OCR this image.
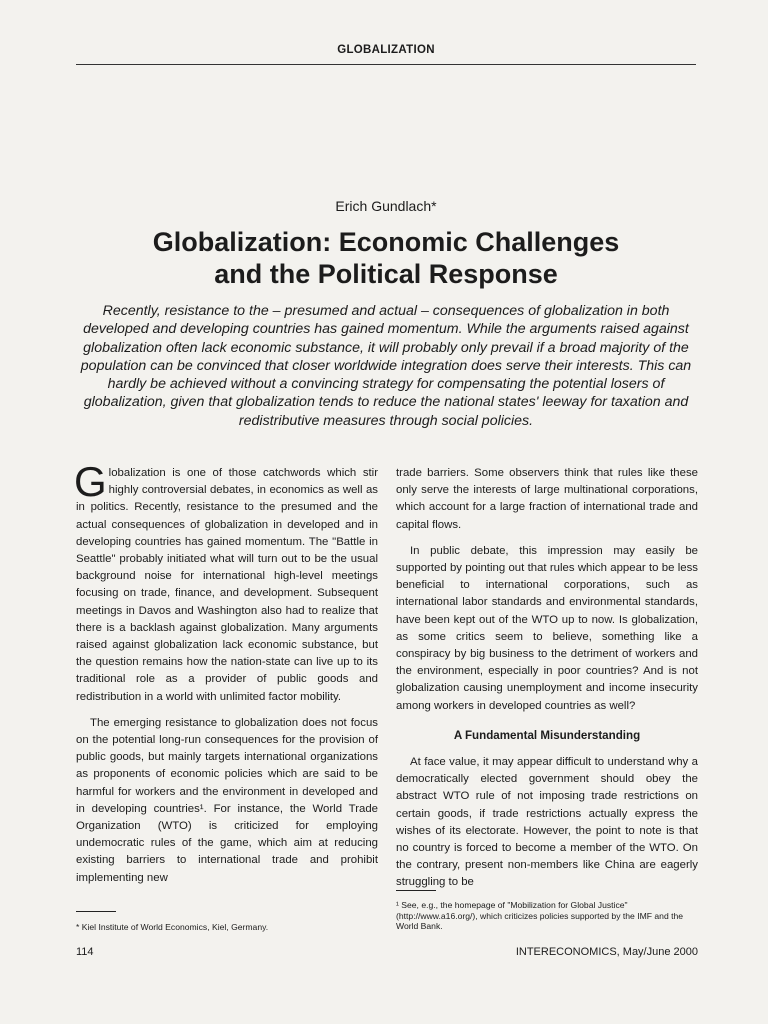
GLOBALIZATION
Erich Gundlach*
Globalization: Economic Challenges
and the Political Response

Recently, resistance to the – presumed and actual – consequences of globalization in both developed and developing countries has gained momentum. While the arguments raised against globalization often lack economic substance, it will probably only prevail if a broad majority of the population can be convinced that closer worldwide integration does serve their interests. This can hardly be achieved without a convincing strategy for compensating the potential losers of globalization, given that globalization tends to reduce the national states' leeway for taxation and redistributive measures through social policies.

Globalization is one of those catchwords which stir highly controversial debates, in economics as well as in politics. Recently, resistance to the presumed and the actual consequences of globalization in developed and in developing countries has gained momentum. The "Battle in Seattle" probably initiated what will turn out to be the usual background noise for international high-level meetings focusing on trade, finance, and development. Subsequent meetings in Davos and Washington also had to realize that there is a backlash against globalization. Many arguments raised against globalization lack economic substance, but the question remains how the nation-state can live up to its traditional role as a provider of public goods and redistribution in a world with unlimited factor mobility.

The emerging resistance to globalization does not focus on the potential long-run consequences for the provision of public goods, but mainly targets international organizations as proponents of economic policies which are said to be harmful for workers and the environment in developed and in developing countries¹. For instance, the World Trade Organization (WTO) is criticized for employing undemocratic rules of the game, which aim at reducing existing barriers to international trade and prohibit implementing new

trade barriers. Some observers think that rules like these only serve the interests of large multinational corporations, which account for a large fraction of international trade and capital flows.

In public debate, this impression may easily be supported by pointing out that rules which appear to be less beneficial to international corporations, such as international labor standards and environmental standards, have been kept out of the WTO up to now. Is globalization, as some critics seem to believe, something like a conspiracy by big business to the detriment of workers and the environment, especially in poor countries? And is not globalization causing unemployment and income insecurity among workers in developed countries as well?

A Fundamental Misunderstanding

At face value, it may appear difficult to understand why a democratically elected government should obey the abstract WTO rule of not imposing trade restrictions on certain goods, if trade restrictions actually express the wishes of its electorate. However, the point to note is that no country is forced to become a member of the WTO. On the contrary, present non-members like China are eagerly struggling to be

* Kiel Institute of World Economics, Kiel, Germany.
¹ See, e.g., the homepage of "Mobilization for Global Justice" (http://www.a16.org/), which criticizes policies supported by the IMF and the World Bank.
114	INTERECONOMICS, May/June 2000
